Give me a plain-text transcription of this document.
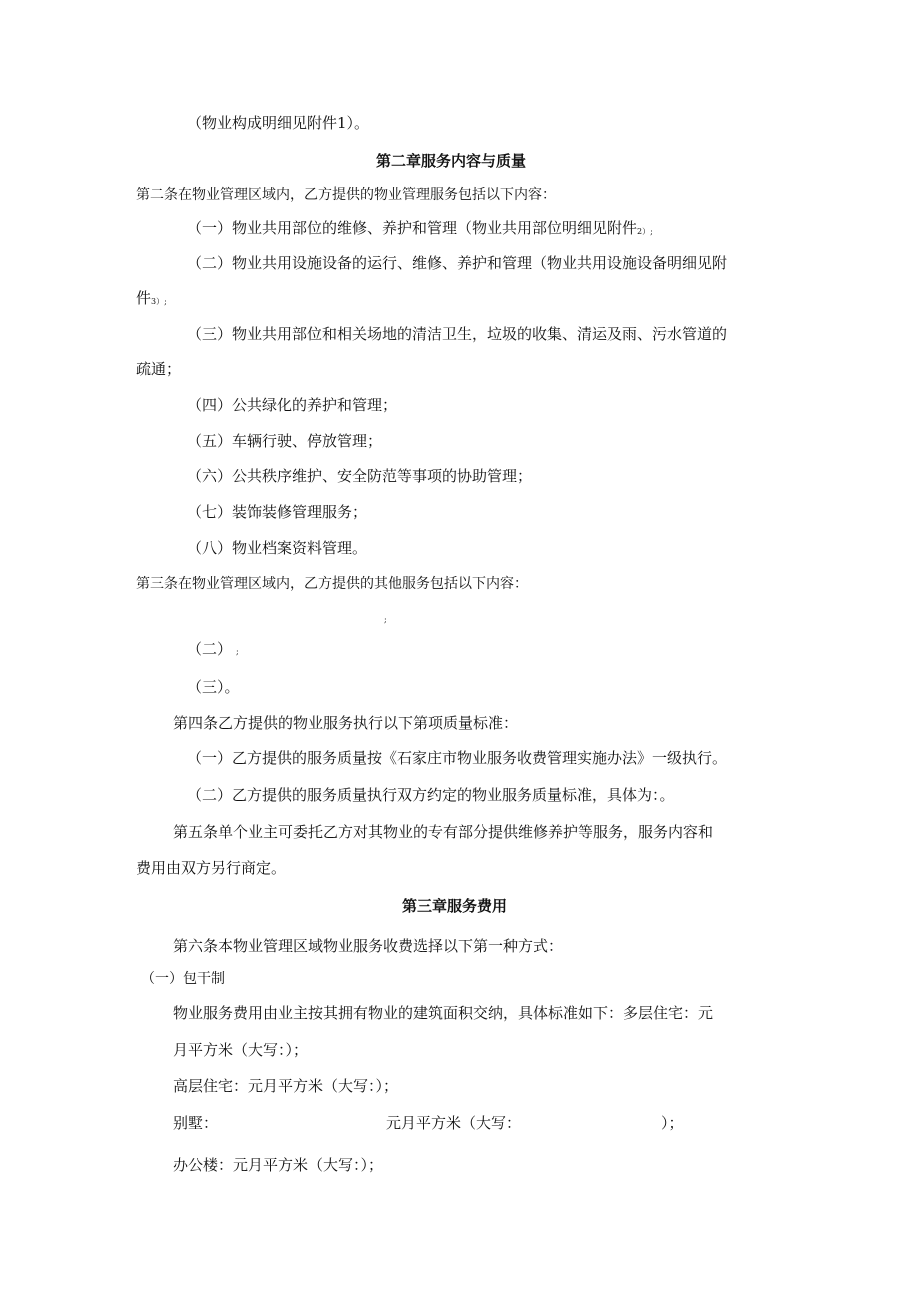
（物业构成明细见附件1）。
第二章服务内容与质量
第二条在物业管理区域内，乙方提供的物业管理服务包括以下内容：
（一）物业共用部位的维修、养护和管理（物业共用部位明细见附件2）;
（二）物业共用设施设备的运行、维修、养护和管理（物业共用设施设备明细见附
件3）;
（三）物业共用部位和相关场地的清洁卫生，垃圾的收集、清运及雨、污水管道的
疏通；
（四）公共绿化的养护和管理；
（五）车辆行驶、停放管理；
（六）公共秩序维护、安全防范等事项的协助管理；
（七）装饰装修管理服务；
（八）物业档案资料管理。
第三条在物业管理区域内，乙方提供的其他服务包括以下内容：
;
（二） ;
（三）。
第四条乙方提供的物业服务执行以下第项质量标准：
（一）乙方提供的服务质量按《石家庄市物业服务收费管理实施办法》一级执行。
（二）乙方提供的服务质量执行双方约定的物业服务质量标准，具体为：。
第五条单个业主可委托乙方对其物业的专有部分提供维修养护等服务，服务内容和
费用由双方另行商定。
第三章服务费用
第六条本物业管理区域物业服务收费选择以下第一种方式：
（一）包干制
物业服务费用由业主按其拥有物业的建筑面积交纳，具体标准如下：多层住宅：元
月平方米（大写：）；
高层住宅：元月平方米（大写：）；
别墅：	元月平方米（大写：	）；
办公楼：元月平方米（大写：）；
